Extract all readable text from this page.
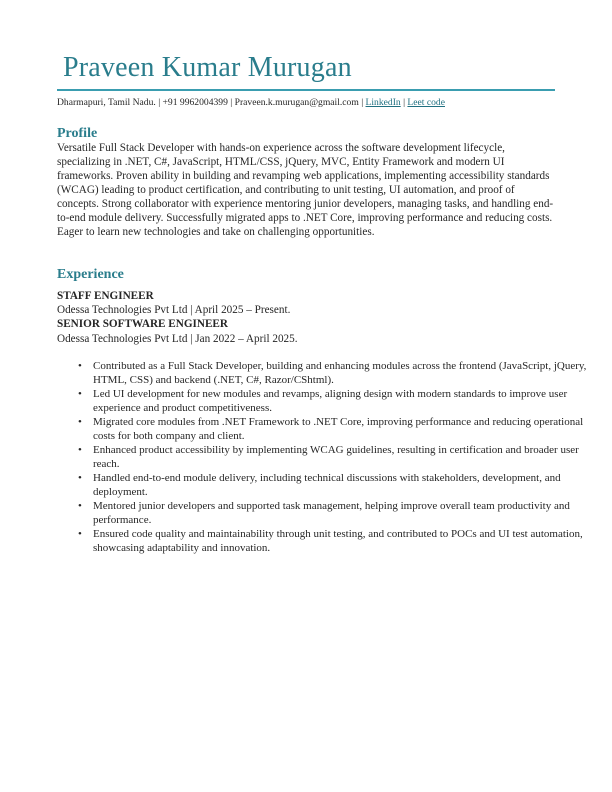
Praveen Kumar Murugan
Dharmapuri, Tamil Nadu. | +91 9962004399 | Praveen.k.murugan@gmail.com | LinkedIn | Leet code
Profile
Versatile Full Stack Developer with hands-on experience across the software development lifecycle, specializing in .NET, C#, JavaScript, HTML/CSS, jQuery, MVC, Entity Framework and modern UI frameworks. Proven ability in building and revamping web applications, implementing accessibility standards (WCAG) leading to product certification, and contributing to unit testing, UI automation, and proof of concepts. Strong collaborator with experience mentoring junior developers, managing tasks, and handling end-to-end module delivery. Successfully migrated apps to .NET Core, improving performance and reducing costs. Eager to learn new technologies and take on challenging opportunities.
Experience
STAFF ENGINEER
Odessa Technologies Pvt Ltd | April 2025 – Present.
SENIOR SOFTWARE ENGINEER
Odessa Technologies Pvt Ltd | Jan 2022 – April 2025.
• Contributed as a Full Stack Developer, building and enhancing modules across the frontend (JavaScript, jQuery, HTML, CSS) and backend (.NET, C#, Razor/CShtml).
• Led UI development for new modules and revamps, aligning design with modern standards to improve user experience and product competitiveness.
• Migrated core modules from .NET Framework to .NET Core, improving performance and reducing operational costs for both company and client.
• Enhanced product accessibility by implementing WCAG guidelines, resulting in certification and broader user reach.
• Handled end-to-end module delivery, including technical discussions with stakeholders, development, and deployment.
• Mentored junior developers and supported task management, helping improve overall team productivity and performance.
• Ensured code quality and maintainability through unit testing, and contributed to POCs and UI test automation, showcasing adaptability and innovation.
